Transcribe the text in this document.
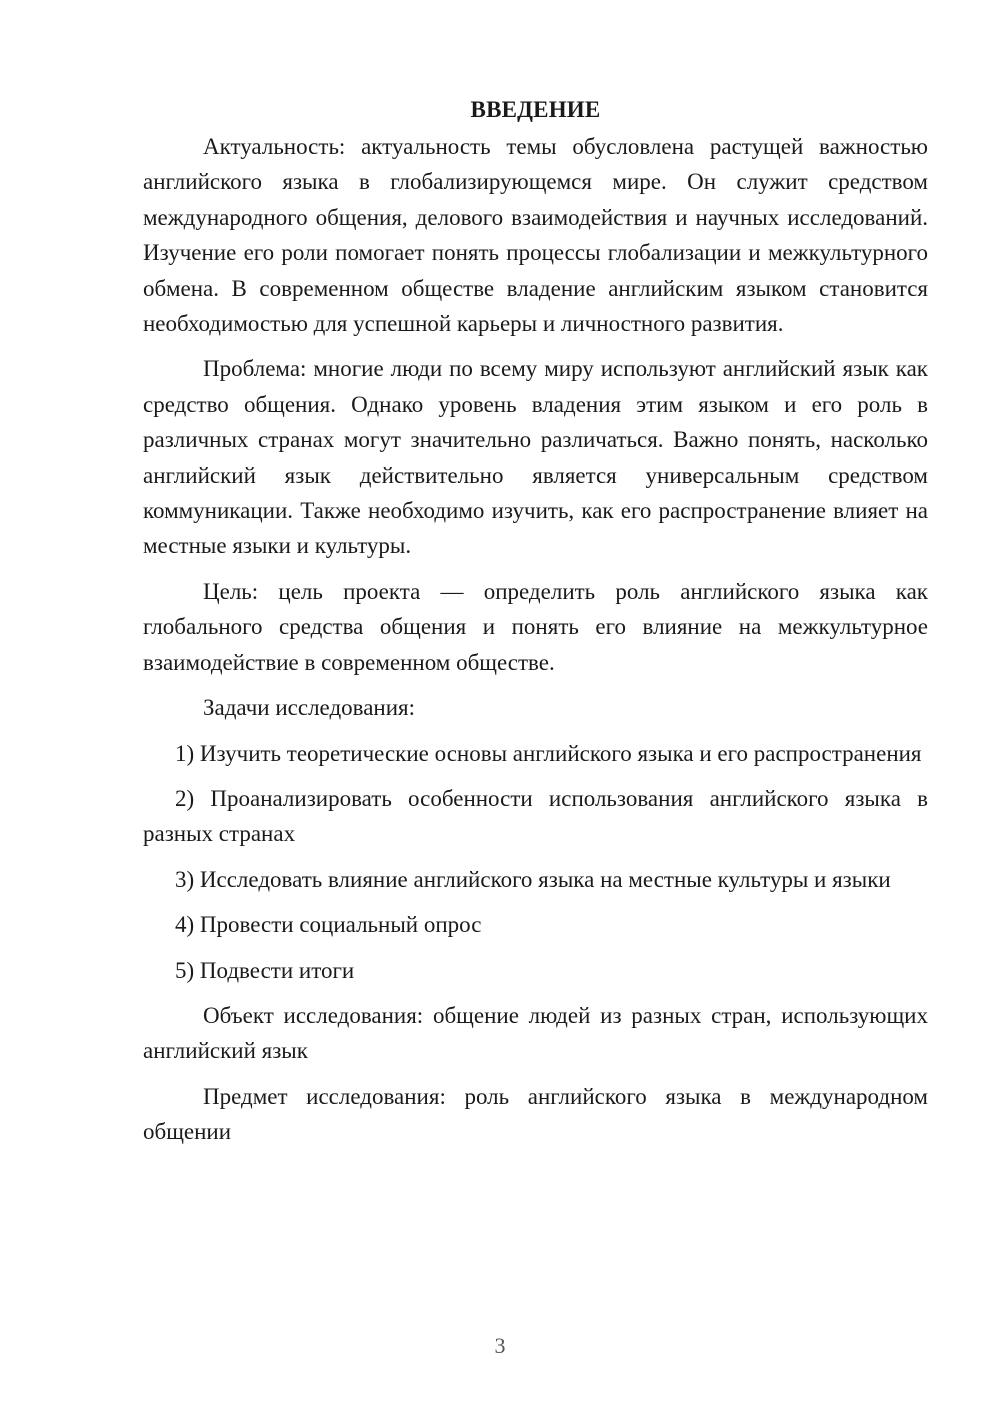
ВВЕДЕНИЕ

Актуальность: актуальность темы обусловлена растущей важностью английского языка в глобализирующемся мире. Он служит средством международного общения, делового взаимодействия и научных исследований. Изучение его роли помогает понять процессы глобализации и межкультурного обмена. В современном обществе владение английским языком становится необходимостью для успешной карьеры и личностного развития.

Проблема: многие люди по всему миру используют английский язык как средство общения. Однако уровень владения этим языком и его роль в различных странах могут значительно различаться. Важно понять, насколько английский язык действительно является универсальным средством коммуникации. Также необходимо изучить, как его распространение влияет на местные языки и культуры.

Цель: цель проекта — определить роль английского языка как глобального средства общения и понять его влияние на межкультурное взаимодействие в современном обществе.

Задачи исследования:

1) Изучить теоретические основы английского языка и его распространения

2) Проанализировать особенности использования английского языка в разных странах

3) Исследовать влияние английского языка на местные культуры и языки

4) Провести социальный опрос

5) Подвести итоги

Объект исследования: общение людей из разных стран, использующих английский язык

Предмет исследования: роль английского языка в международном общении

3
